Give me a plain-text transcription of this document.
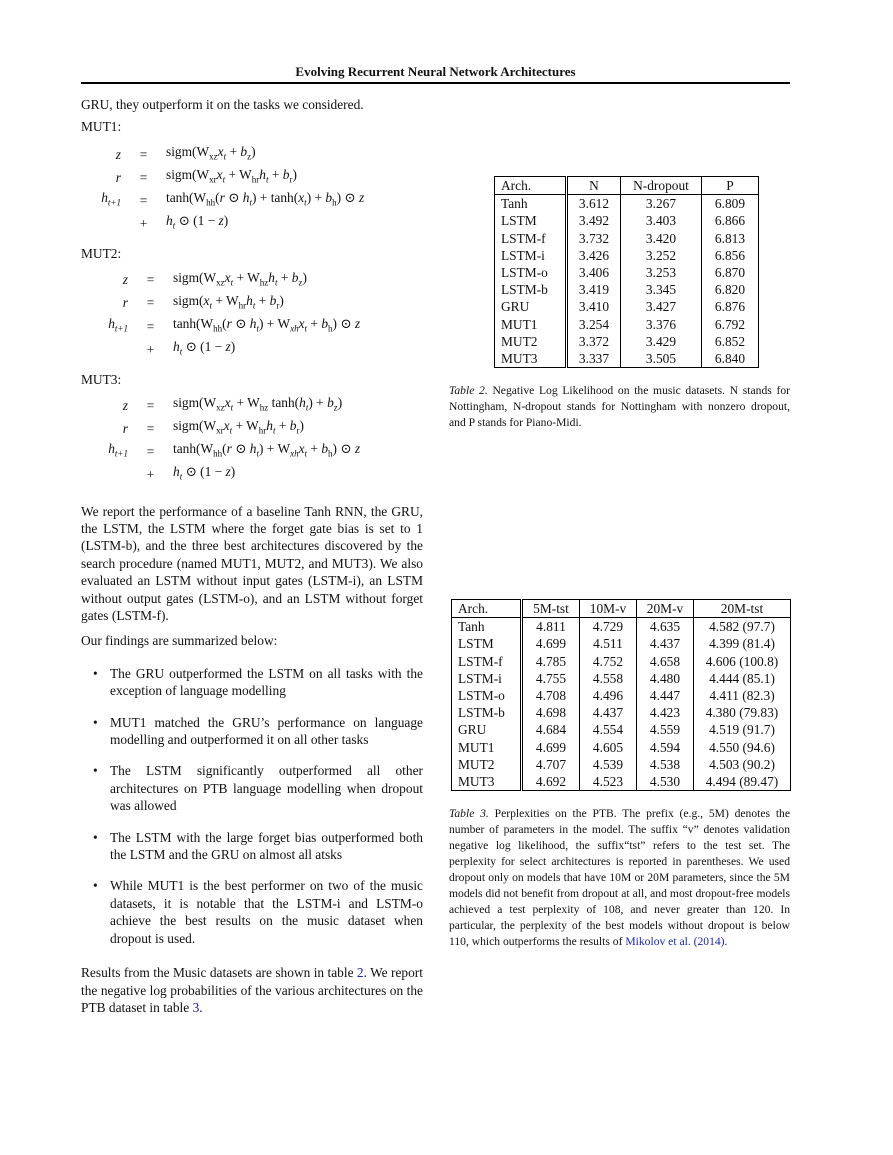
Evolving Recurrent Neural Network Architectures

GRU, they outperform it on the tasks we considered.

MUT1:

z	=	$sigm(W_{xz}x_t + b_z)$
r	=	$sigm(W_{xr}x_t + W_{hr}h_t + b_r)$
$h_{t+1}$	=	$\tanh(W_{hh}(r$ ⊙ $h_t) + \tanh(x_t) + b_h$) ⊙ z
	+	$h_t$ ⊙ (1 − z)

MUT2:

z	=	$sigm(W_{xz}x_t + W_{hz}h_t + b_z)$
r	=	$sigm(x_t + W_{hr}h_t + b_r)$
$h_{t+1}$	=	$\tanh(W_{hh}(r$ ⊙ $h_t) + W_{xh}x_t + b_h$) ⊙ z
	+	$h_t$ ⊙ (1 − z)

MUT3:

z	=	$sigm(W_{xz}x_t + W_{hz}$ $\tanh(h_t) + b_z$)
r	=	$sigm(W_{xr}x_t + W_{hr}h_t + b_r)$
$h_{t+1}$	=	$\tanh(W_{hh}(r$ ⊙ $h_t) + W_{xh}x_t + b_h$) ⊙ z
	+	$h_t$ ⊙ (1 − z)

We report the performance of a baseline Tanh RNN, the GRU, the LSTM, the LSTM where the forget gate bias is set to 1 (LSTM-b), and the three best architectures discovered by the search procedure (named MUT1, MUT2, and MUT3). We also evaluated an LSTM without input gates (LSTM-i), an LSTM without output gates (LSTM-o), and an LSTM without forget gates (LSTM-f).

Our findings are summarized below:

• The GRU outperformed the LSTM on all tasks with the exception of language modelling
• MUT1 matched the GRU’s performance on language modelling and outperformed it on all other tasks
• The LSTM significantly outperformed all other architectures on PTB language modelling when dropout was allowed
• The LSTM with the large forget bias outperformed both the LSTM and the GRU on almost all atsks
• While MUT1 is the best performer on two of the music datasets, it is notable that the LSTM-i and LSTM-o achieve the best results on the music dataset when dropout is used.

Results from the Music datasets are shown in table 2. We report the negative log probabilities of the various architectures on the PTB dataset in table 3.

Arch.	N	N-dropout	P
Tanh	3.612	3.267	6.809
LSTM	3.492	3.403	6.866
LSTM-f	3.732	3.420	6.813
LSTM-i	3.426	3.252	6.856
LSTM-o	3.406	3.253	6.870
LSTM-b	3.419	3.345	6.820
GRU	3.410	3.427	6.876
MUT1	3.254	3.376	6.792
MUT2	3.372	3.429	6.852
MUT3	3.337	3.505	6.840
Table 2. Negative Log Likelihood on the music datasets. N stands for Nottingham, N-dropout stands for Nottingham with nonzero dropout, and P stands for Piano-Midi.
Arch.	5M-tst	10M-v	20M-v	20M-tst
Tanh	4.811	4.729	4.635	4.582 (97.7)
LSTM	4.699	4.511	4.437	4.399 (81.4)
LSTM-f	4.785	4.752	4.658	4.606 (100.8)
LSTM-i	4.755	4.558	4.480	4.444 (85.1)
LSTM-o	4.708	4.496	4.447	4.411 (82.3)
LSTM-b	4.698	4.437	4.423	4.380 (79.83)
GRU	4.684	4.554	4.559	4.519 (91.7)
MUT1	4.699	4.605	4.594	4.550 (94.6)
MUT2	4.707	4.539	4.538	4.503 (90.2)
MUT3	4.692	4.523	4.530	4.494 (89.47)
Table 3. Perplexities on the PTB. The prefix (e.g., 5M) denotes the number of parameters in the model. The suffix “v” denotes validation negative log likelihood, the suffix“tst” refers to the test set. The perplexity for select architectures is reported in parentheses. We used dropout only on models that have 10M or 20M parameters, since the 5M models did not benefit from dropout at all, and most dropout-free models achieved a test perplexity of 108, and never greater than 120. In particular, the perplexity of the best models without dropout is below 110, which outperforms the results of Mikolov et al. (2014).
